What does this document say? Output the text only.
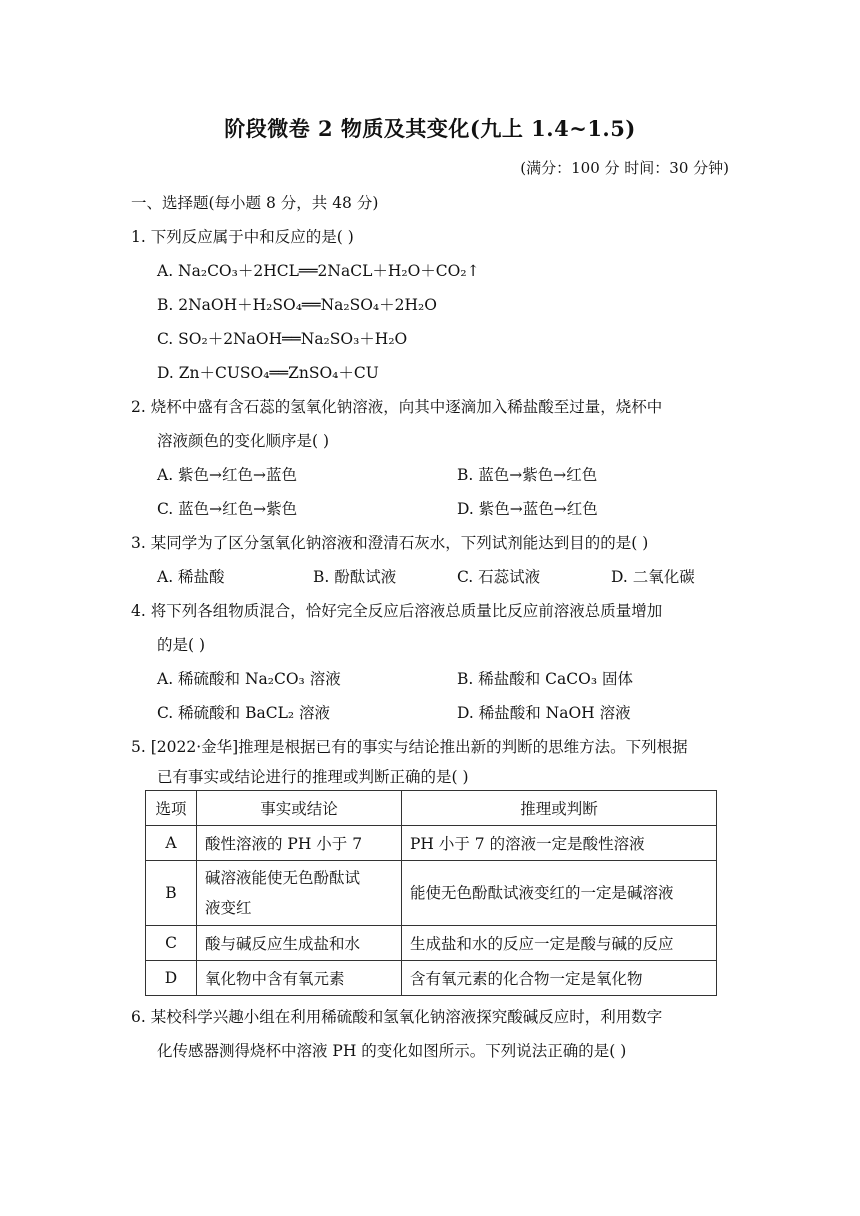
阶段微卷 2 物质及其变化(九上 1.4~1.5)
(满分：100 分 时间：30 分钟)
一、选择题(每小题 8 分，共 48 分)
1. 下列反应属于中和反应的是( )
A. Na₂CO₃＋2HCL══2NaCL＋H₂O＋CO₂↑
B. 2NaOH＋H₂SO₄══Na₂SO₄＋2H₂O
C. SO₂＋2NaOH══Na₂SO₃＋H₂O
D. Zn＋CUSO₄══ZnSO₄＋CU
2. 烧杯中盛有含石蕊的氢氧化钠溶液，向其中逐滴加入稀盐酸至过量，烧杯中
溶液颜色的变化顺序是( )
A. 紫色→红色→蓝色	B. 蓝色→紫色→红色
C. 蓝色→红色→紫色	D. 紫色→蓝色→红色
3. 某同学为了区分氢氧化钠溶液和澄清石灰水，下列试剂能达到目的的是( )
A. 稀盐酸	B. 酚酞试液	C. 石蕊试液	D. 二氧化碳
4. 将下列各组物质混合，恰好完全反应后溶液总质量比反应前溶液总质量增加
的是( )
A. 稀硫酸和 Na₂CO₃ 溶液	B. 稀盐酸和 CaCO₃ 固体
C. 稀硫酸和 BaCL₂ 溶液	D. 稀盐酸和 NaOH 溶液
5. [2022·金华]推理是根据已有的事实与结论推出新的判断的思维方法。下列根据
已有事实或结论进行的推理或判断正确的是( )
选项	事实或结论	推理或判断
A	酸性溶液的 PH 小于 7	PH 小于 7 的溶液一定是酸性溶液
B	碱溶液能使无色酚酞试
液变红	能使无色酚酞试液变红的一定是碱溶液
C	酸与碱反应生成盐和水	生成盐和水的反应一定是酸与碱的反应
D	氧化物中含有氧元素	含有氧元素的化合物一定是氧化物
6. 某校科学兴趣小组在利用稀硫酸和氢氧化钠溶液探究酸碱反应时，利用数字
化传感器测得烧杯中溶液 PH 的变化如图所示。下列说法正确的是( )
